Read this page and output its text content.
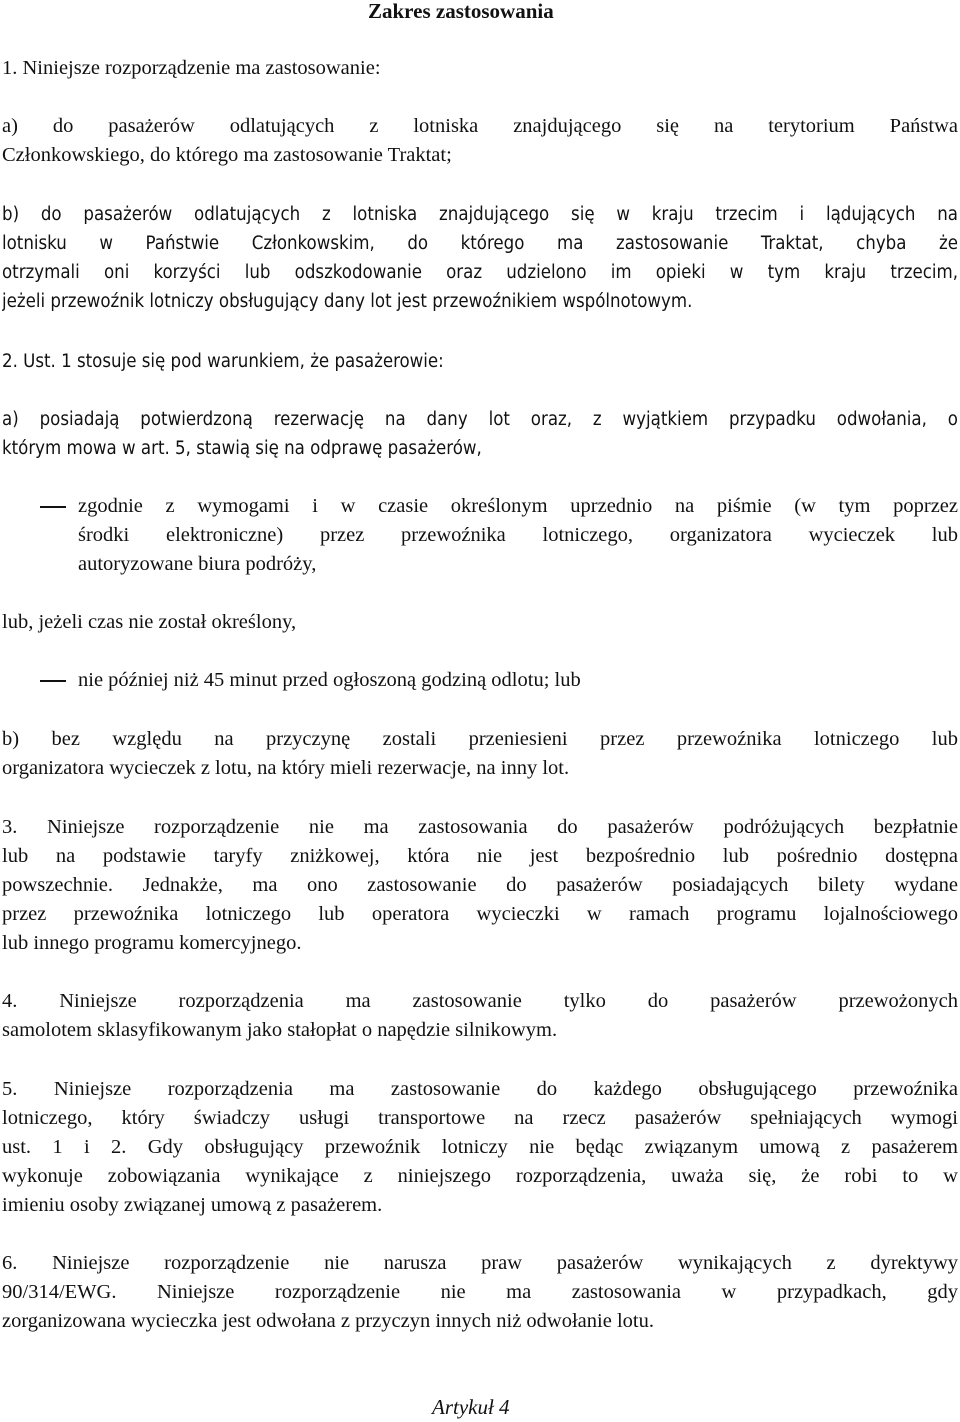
Zakres zastosowania
1. Niniejsze rozporządzenie ma zastosowanie:
a) do pasażerów odlatujących z lotniska znajdującego się na terytorium Państwa
Członkowskiego, do którego ma zastosowanie Traktat;
b) do pasażerów odlatujących z lotniska znajdującego się w kraju trzecim i lądujących na
lotnisku w Państwie Członkowskim, do którego ma zastosowanie Traktat, chyba że
otrzymali oni korzyści lub odszkodowanie oraz udzielono im opieki w tym kraju trzecim,
jeżeli przewoźnik lotniczy obsługujący dany lot jest przewoźnikiem wspólnotowym.
2. Ust. 1 stosuje się pod warunkiem, że pasażerowie:
a) posiadają potwierdzoną rezerwację na dany lot oraz, z wyjątkiem przypadku odwołania, o
którym mowa w art. 5, stawią się na odprawę pasażerów,
zgodnie z wymogami i w czasie określonym uprzednio na piśmie (w tym poprzez
środki elektroniczne) przez przewoźnika lotniczego, organizatora wycieczek lub
autoryzowane biura podróży,
lub, jeżeli czas nie został określony,
nie później niż 45 minut przed ogłoszoną godziną odlotu; lub
b) bez względu na przyczynę zostali przeniesieni przez przewoźnika lotniczego lub
organizatora wycieczek z lotu, na który mieli rezerwacje, na inny lot.
3. Niniejsze rozporządzenie nie ma zastosowania do pasażerów podróżujących bezpłatnie
lub na podstawie taryfy zniżkowej, która nie jest bezpośrednio lub pośrednio dostępna
powszechnie. Jednakże, ma ono zastosowanie do pasażerów posiadających bilety wydane
przez przewoźnika lotniczego lub operatora wycieczki w ramach programu lojalnościowego
lub innego programu komercyjnego.
4. Niniejsze rozporządzenia ma zastosowanie tylko do pasażerów przewożonych
samolotem sklasyfikowanym jako stałopłat o napędzie silnikowym.
5. Niniejsze rozporządzenia ma zastosowanie do każdego obsługującego przewoźnika
lotniczego, który świadczy usługi transportowe na rzecz pasażerów spełniających wymogi
ust. 1 i 2. Gdy obsługujący przewoźnik lotniczy nie będąc związanym umową z pasażerem
wykonuje zobowiązania wynikające z niniejszego rozporządzenia, uważa się, że robi to w
imieniu osoby związanej umową z pasażerem.
6. Niniejsze rozporządzenie nie narusza praw pasażerów wynikających z dyrektywy
90/314/EWG. Niniejsze rozporządzenie nie ma zastosowania w przypadkach, gdy
zorganizowana wycieczka jest odwołana z przyczyn innych niż odwołanie lotu.
Artykuł 4
